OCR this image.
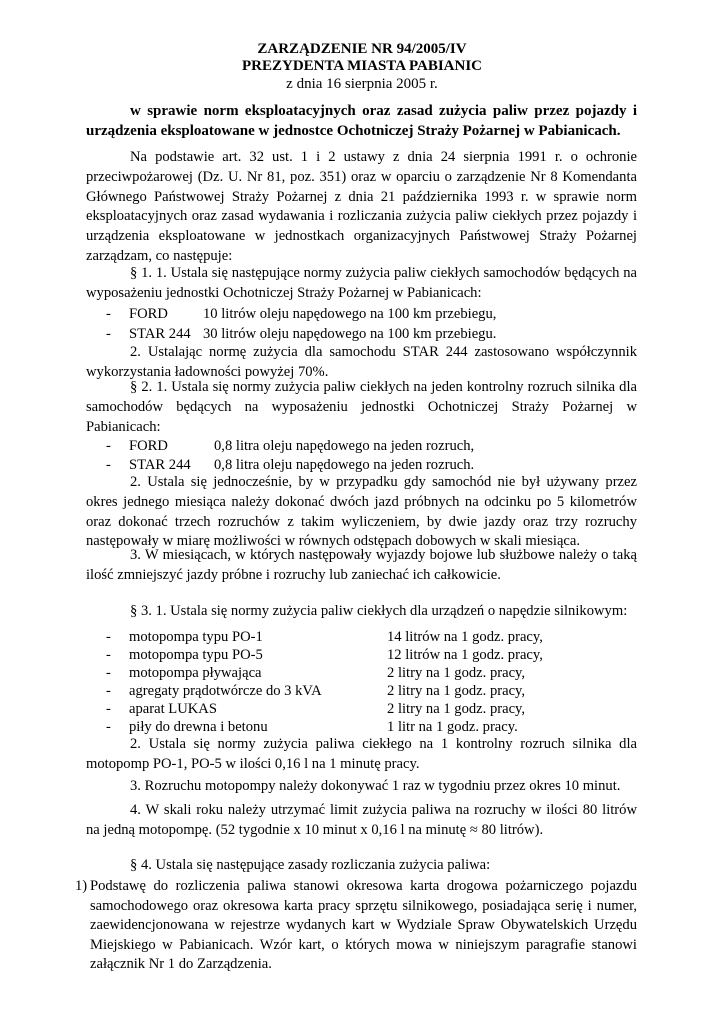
ZARZĄDZENIE NR 94/2005/IV
PREZYDENTA MIASTA PABIANIC
z dnia 16 sierpnia 2005 r.
w sprawie norm eksploatacyjnych oraz zasad zużycia paliw przez pojazdy i urządzenia eksploatowane w jednostce Ochotniczej Straży Pożarnej w Pabianicach.
Na podstawie art. 32 ust. 1 i 2 ustawy z dnia 24 sierpnia 1991 r. o ochronie przeciwpożarowej (Dz. U. Nr 81, poz. 351) oraz w oparciu o zarządzenie Nr 8 Komendanta Głównego Państwowej Straży Pożarnej z dnia 21 października 1993 r. w sprawie norm eksploatacyjnych oraz zasad wydawania i rozliczania zużycia paliw ciekłych przez pojazdy i urządzenia eksploatowane w jednostkach organizacyjnych Państwowej Straży Pożarnej zarządzam, co następuje:
§ 1. 1. Ustala się następujące normy zużycia paliw ciekłych samochodów będących na wyposażeniu jednostki Ochotniczej Straży Pożarnej w Pabianicach:
- FORD 10 litrów oleju napędowego na 100 km przebiegu,
- STAR 244 30 litrów oleju napędowego na 100 km przebiegu.
2. Ustalając normę zużycia dla samochodu STAR 244 zastosowano współczynnik wykorzystania ładowności powyżej 70%.
§ 2. 1. Ustala się normy zużycia paliw ciekłych na jeden kontrolny rozruch silnika dla samochodów będących na wyposażeniu jednostki Ochotniczej Straży Pożarnej w Pabianicach:
- FORD	0,8 litra oleju napędowego na jeden rozruch,
- STAR 244 0,8 litra oleju napędowego na jeden rozruch.
2. Ustala się jednocześnie, by w przypadku gdy samochód nie był używany przez okres jednego miesiąca należy dokonać dwóch jazd próbnych na odcinku po 5 kilometrów oraz dokonać trzech rozruchów z takim wyliczeniem, by dwie jazdy oraz trzy rozruchy następowały w miarę możliwości w równych odstępach dobowych w skali miesiąca.
3. W miesiącach, w których następowały wyjazdy bojowe lub służbowe należy o taką ilość zmniejszyć jazdy próbne i rozruchy lub zaniechać ich całkowicie.
§ 3. 1. Ustala się normy zużycia paliw ciekłych dla urządzeń o napędzie silnikowym:
- motopompa typu PO-1	14 litrów na 1 godz. pracy,
- motopompa typu PO-5	12 litrów na 1 godz. pracy,
- motopompa pływająca	2 litry na 1 godz. pracy,
- agregaty prądotwórcze do 3 kVA	2 litry na 1 godz. pracy,
- aparat LUKAS	2 litry na 1 godz. pracy,
- piły do drewna i betonu	1 litr na 1 godz. pracy.
2. Ustala się normy zużycia paliwa ciekłego na 1 kontrolny rozruch silnika dla motopomp PO-1, PO-5 w ilości 0,16 l na 1 minutę pracy.
3. Rozruchu motopompy należy dokonywać 1 raz w tygodniu przez okres 10 minut.
4. W skali roku należy utrzymać limit zużycia paliwa na rozruchy w ilości 80 litrów na jedną motopompę. (52 tygodnie x 10 minut x 0,16 l na minutę ≈ 80 litrów).
§ 4. Ustala się następujące zasady rozliczania zużycia paliwa:
1) Podstawę do rozliczenia paliwa stanowi okresowa karta drogowa pożarniczego pojazdu samochodowego oraz okresowa karta pracy sprzętu silnikowego, posiadająca serię i numer, zaewidencjonowana w rejestrze wydanych kart w Wydziale Spraw Obywatelskich Urzędu Miejskiego w Pabianicach. Wzór kart, o których mowa w niniejszym paragrafie stanowi załącznik Nr 1 do Zarządzenia.
